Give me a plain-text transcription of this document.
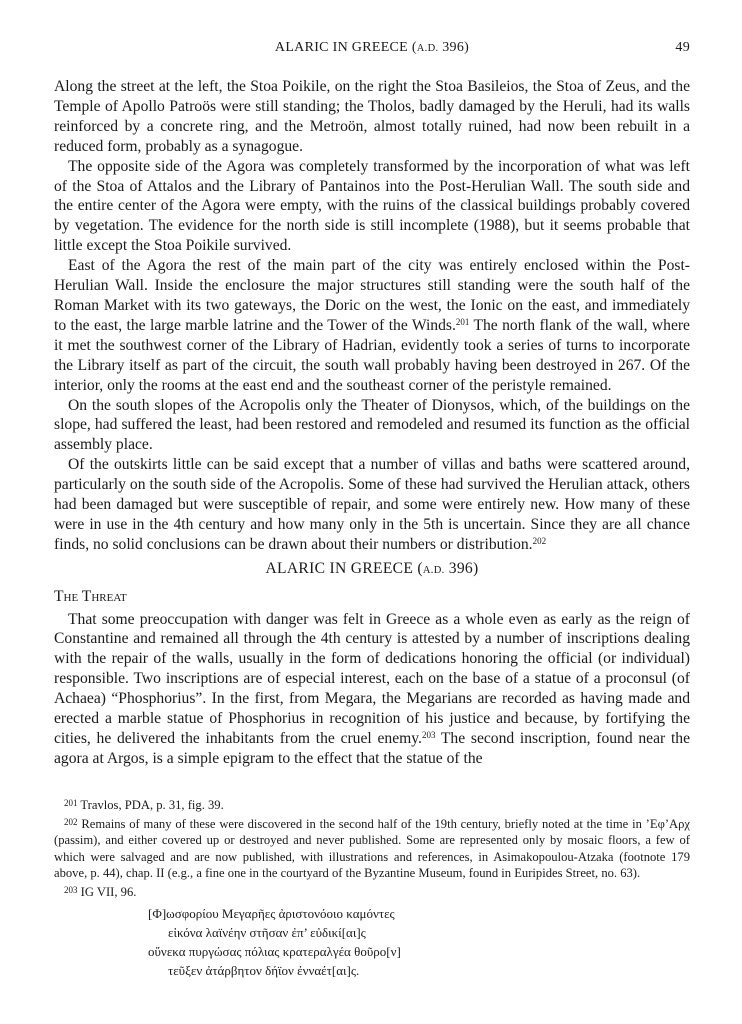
ALARIC IN GREECE (A.D. 396)	49

Along the street at the left, the Stoa Poikile, on the right the Stoa Basileios, the Stoa of Zeus, and the Temple of Apollo Patroös were still standing; the Tholos, badly damaged by the Heruli, had its walls reinforced by a concrete ring, and the Metroön, almost totally ruined, had now been rebuilt in a reduced form, probably as a synagogue.

The opposite side of the Agora was completely transformed by the incorporation of what was left of the Stoa of Attalos and the Library of Pantainos into the Post-Herulian Wall. The south side and the entire center of the Agora were empty, with the ruins of the classical buildings probably covered by vegetation. The evidence for the north side is still incomplete (1988), but it seems probable that little except the Stoa Poikile survived.

East of the Agora the rest of the main part of the city was entirely enclosed within the Post-Herulian Wall. Inside the enclosure the major structures still standing were the south half of the Roman Market with its two gateways, the Doric on the west, the Ionic on the east, and immediately to the east, the large marble latrine and the Tower of the Winds.$^{201}$ The north flank of the wall, where it met the southwest corner of the Library of Hadrian, evidently took a series of turns to incorporate the Library itself as part of the circuit, the south wall probably having been destroyed in 267. Of the interior, only the rooms at the east end and the southeast corner of the peristyle remained.

On the south slopes of the Acropolis only the Theater of Dionysos, which, of the buildings on the slope, had suffered the least, had been restored and remodeled and resumed its function as the official assembly place.

Of the outskirts little can be said except that a number of villas and baths were scattered around, particularly on the south side of the Acropolis. Some of these had survived the Herulian attack, others had been damaged but were susceptible of repair, and some were entirely new. How many of these were in use in the 4th century and how many only in the 5th is uncertain. Since they are all chance finds, no solid conclusions can be drawn about their numbers or distribution.$^{202}$

ALARIC IN GREECE (A.D. 396)
The Threat

That some preoccupation with danger was felt in Greece as a whole even as early as the reign of Constantine and remained all through the 4th century is attested by a number of inscriptions dealing with the repair of the walls, usually in the form of dedications honoring the official (or individual) responsible. Two inscriptions are of especial interest, each on the base of a statue of a proconsul (of Achaea) “Phosphorius”. In the first, from Megara, the Megarians are recorded as having made and erected a marble statue of Phosphorius in recognition of his justice and because, by fortifying the cities, he delivered the inhabitants from the cruel enemy.$^{203}$ The second inscription, found near the agora at Argos, is a simple epigram to the effect that the statue of the

$^{201}$ Travlos, PDA, p. 31, fig. 39.

$^{202}$ Remains of many of these were discovered in the second half of the 19th century, briefly noted at the time in ’Εφ’Αρχ (passim), and either covered up or destroyed and never published. Some are represented only by mosaic floors, a few of which were salvaged and are now published, with illustrations and references, in Asimakopoulou-Atzaka (footnote 179 above, p. 44), chap. II (e.g., a fine one in the courtyard of the Byzantine Museum, found in Euripides Street, no. 63).

$^{203}$ IG VII, 96.

[Φ]ωσφορίου Μεγαρῆες ἀριστονόοιο καμόντες
εἰκόνα λαϊνέην στῆσαν ἐπ’ εὐδικί[αι]ς
οὕνεκα πυργώσας πόλιας κρατεραλγέα θοῦρο[ν]
τεῦξεν ἀτάρβητον δήϊον ἐνναέτ[αι]ς.
